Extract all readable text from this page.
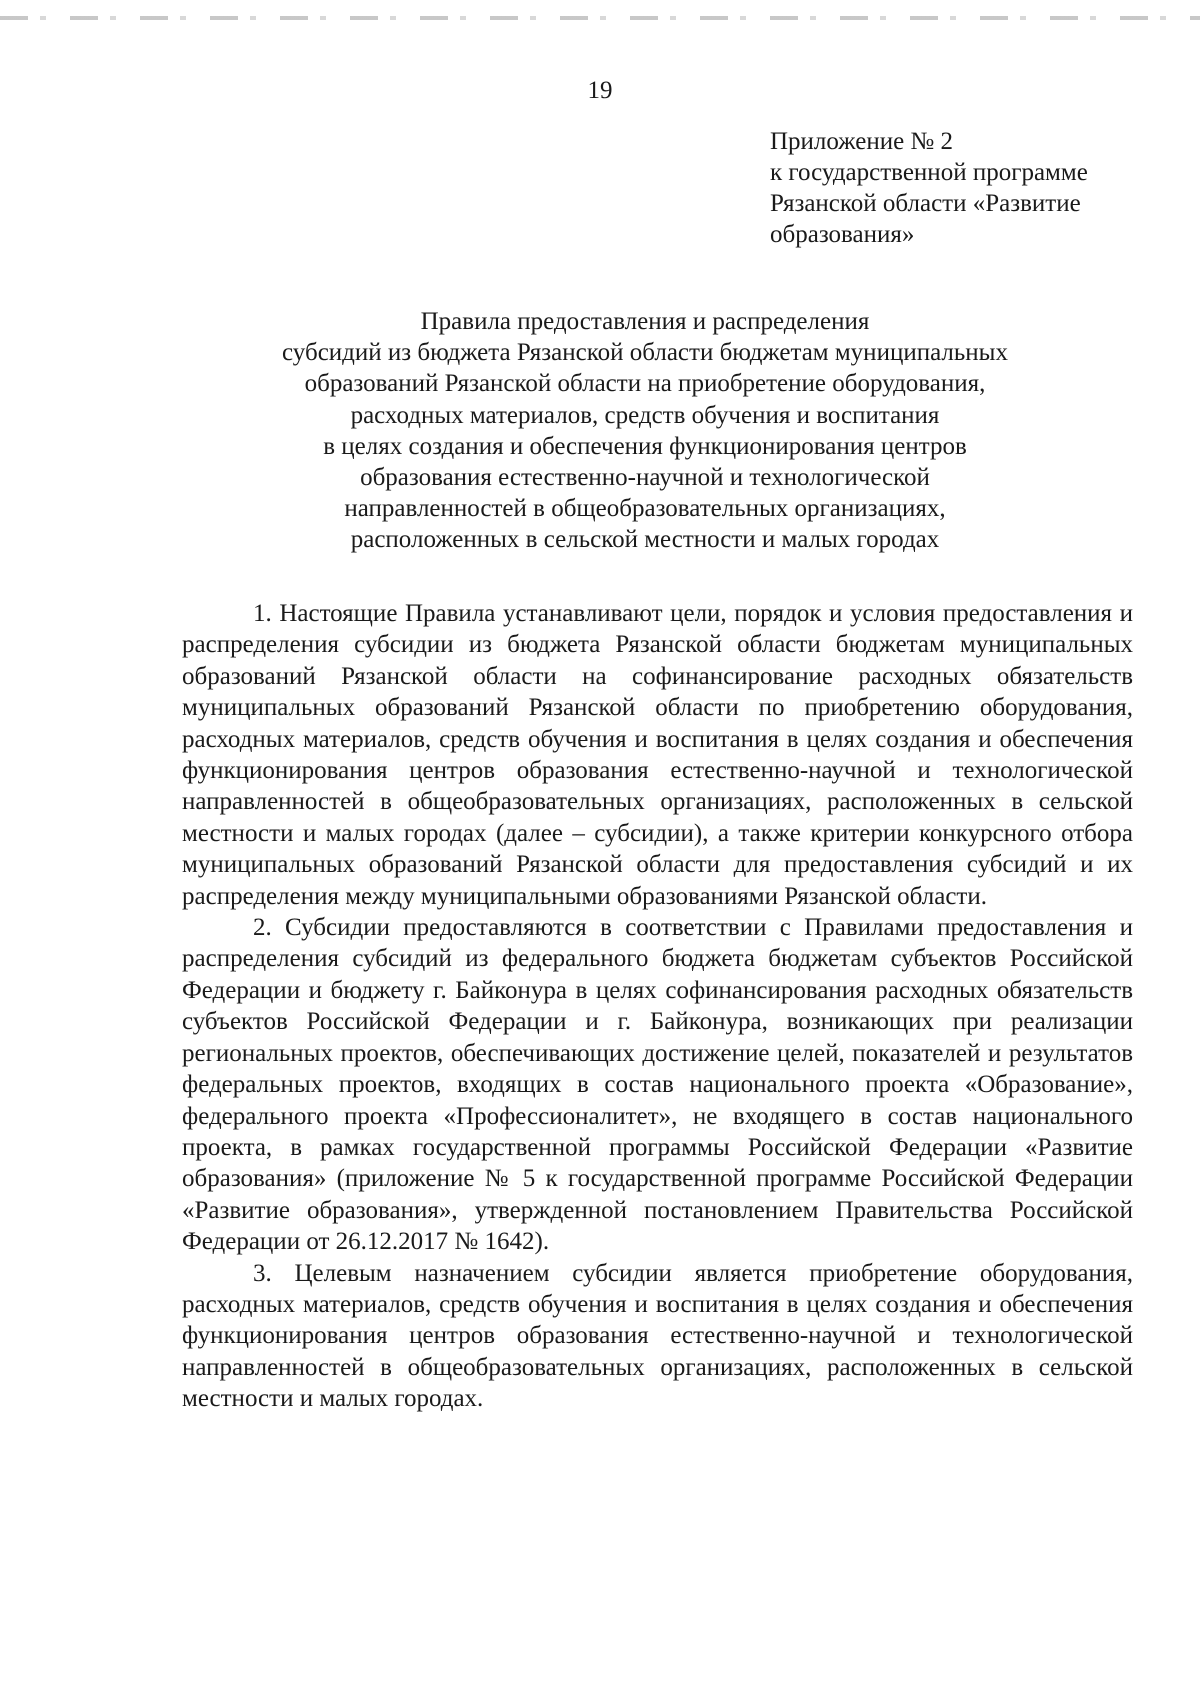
19
Приложение № 2
к государственной программе
Рязанской области «Развитие
образования»
Правила предоставления и распределения
субсидий из бюджета Рязанской области бюджетам муниципальных
образований Рязанской области на приобретение оборудования,
расходных материалов, средств обучения и воспитания
в целях создания и обеспечения функционирования центров
образования естественно-научной и технологической
направленностей в общеобразовательных организациях,
расположенных в сельской местности и малых городах

1. Настоящие Правила устанавливают цели, порядок и условия предоставления и распределения субсидии из бюджета Рязанской области бюджетам муниципальных образований Рязанской области на софинансирование расходных обязательств муниципальных образований Рязанской области по приобретению оборудования, расходных материалов, средств обучения и воспитания в целях создания и обеспечения функционирования центров образования естественно-научной и технологической направленностей в общеобразовательных организациях, расположенных в сельской местности и малых городах (далее – субсидии), а также критерии конкурсного отбора муниципальных образований Рязанской области для предоставления субсидий и их распределения между муниципальными образованиями Рязанской области.

2. Субсидии предоставляются в соответствии с Правилами предоставления и распределения субсидий из федерального бюджета бюджетам субъектов Российской Федерации и бюджету г. Байконура в целях софинансирования расходных обязательств субъектов Российской Федерации и г. Байконура, возникающих при реализации региональных проектов, обеспечивающих достижение целей, показателей и результатов федеральных проектов, входящих в состав национального проекта «Образование», федерального проекта «Профессионалитет», не входящего в состав национального проекта, в рамках государственной программы Российской Федерации «Развитие образования» (приложение № 5 к государственной программе Российской Федерации «Развитие образования», утвержденной постановлением Правительства Российской Федерации от 26.12.2017 № 1642).

3. Целевым назначением субсидии является приобретение оборудования, расходных материалов, средств обучения и воспитания в целях создания и обеспечения функционирования центров образования естественно-научной и технологической направленностей в общеобразовательных организациях, расположенных в сельской местности и малых городах.
